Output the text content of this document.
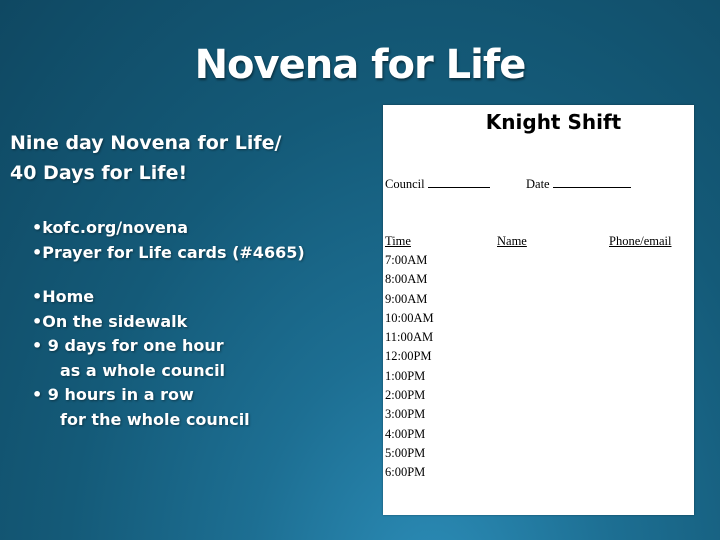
Novena for Life
Nine day Novena for Life/
40 Days for Life!
•kofc.org/novena
•Prayer for Life cards (#4665)
•Home
•On the sidewalk
• 9 days for one hour
as a whole council
• 9 hours in a row
for the whole council
Knight Shift
Council	Date
Time	Name	Phone/email
7:00AM
8:00AM
9:00AM
10:00AM
11:00AM
12:00PM
1:00PM
2:00PM
3:00PM
4:00PM
5:00PM
6:00PM
